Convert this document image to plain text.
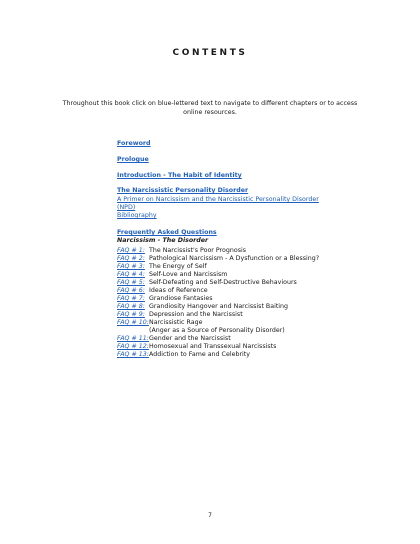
CONTENTS
Throughout this book click on blue-lettered text to navigate to different chapters or to access online resources.
Foreword
Prologue
Introduction - The Habit of Identity
The Narcissistic Personality Disorder
A Primer on Narcissism and the Narcissistic Personality Disorder
(NPD)
Bibliography
Frequently Asked Questions
Narcissism - The Disorder
FAQ # 1: The Narcissist's Poor Prognosis
FAQ # 2: Pathological Narcissism - A Dysfunction or a Blessing?
FAQ # 3: The Energy of Self
FAQ # 4: Self-Love and Narcissism
FAQ # 5: Self-Defeating and Self-Destructive Behaviours
FAQ # 6: Ideas of Reference
FAQ # 7: Grandiose Fantasies
FAQ # 8: Grandiosity Hangover and Narcissist Baiting
FAQ # 9: Depression and the Narcissist
FAQ # 10: Narcissistic Rage
(Anger as a Source of Personality Disorder)
FAQ # 11: Gender and the Narcissist
FAQ # 12: Homosexual and Transsexual Narcissists
FAQ # 13: Addiction to Fame and Celebrity
7
